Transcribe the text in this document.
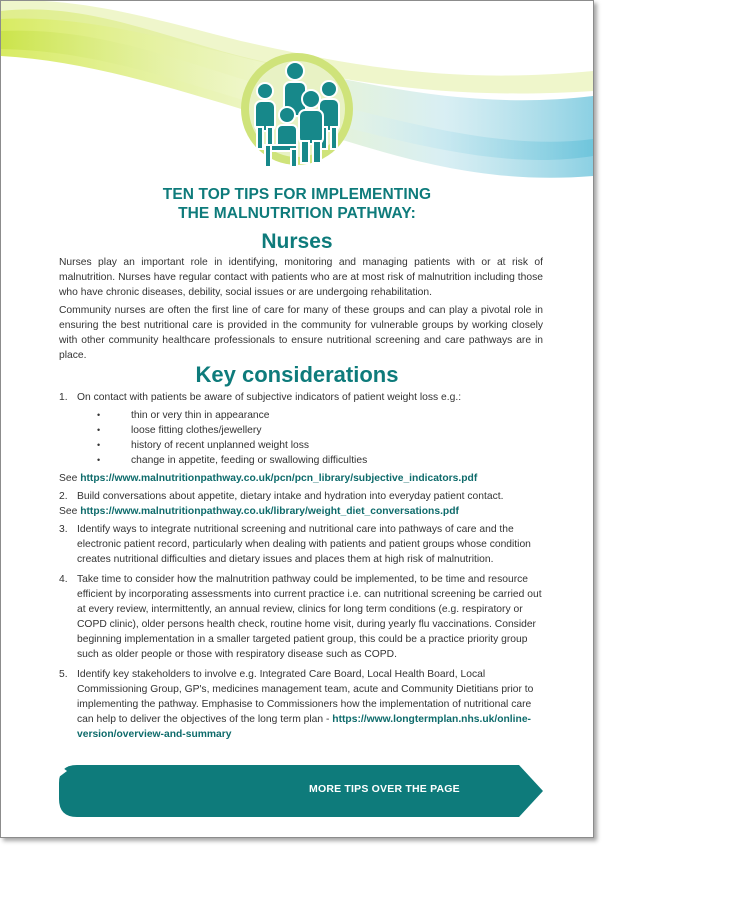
TEN TOP TIPS FOR IMPLEMENTING
THE MALNUTRITION PATHWAY:
Nurses

Nurses play an important role in identifying, monitoring and managing patients with or at risk of malnutrition. Nurses have regular contact with patients who are at most risk of malnutrition including those who have chronic diseases, debility, social issues or are undergoing rehabilitation.

Community nurses are often the first line of care for many of these groups and can play a pivotal role in ensuring the best nutritional care is provided in the community for vulnerable groups by working closely with other community healthcare professionals to ensure nutritional screening and care pathways are in place.

Key considerations
1. On contact with patients be aware of subjective indicators of patient weight loss e.g.:
•	thin or very thin in appearance
•	loose fitting clothes/jewellery
•	history of recent unplanned weight loss
•	change in appetite, feeding or swallowing difficulties
See https://www.malnutritionpathway.co.uk/pcn/pcn_library/subjective_indicators.pdf
2. Build conversations about appetite, dietary intake and hydration into everyday patient contact.
See https://www.malnutritionpathway.co.uk/library/weight_diet_conversations.pdf
3. Identify ways to integrate nutritional screening and nutritional care into pathways of care and the electronic patient record, particularly when dealing with patients and patient groups whose condition creates nutritional difficulties and dietary issues and places them at high risk of malnutrition.
4. Take time to consider how the malnutrition pathway could be implemented, to be time and resource efficient by incorporating assessments into current practice i.e. can nutritional screening be carried out at every review, intermittently, an annual review, clinics for long term conditions (e.g. respiratory or COPD clinic), older persons health check, routine home visit, during yearly flu vaccinations. Consider beginning implementation in a smaller targeted patient group, this could be a practice priority group such as older people or those with respiratory disease such as COPD.
5. Identify key stakeholders to involve e.g. Integrated Care Board, Local Health Board, Local Commissioning Group, GP's, medicines management team, acute and Community Dietitians prior to implementing the pathway. Emphasise to Commissioners how the implementation of nutritional care can help to deliver the objectives of the long term plan - https://www.longtermplan.nhs.uk/online-version/overview-and-summary
MORE TIPS OVER THE PAGE
